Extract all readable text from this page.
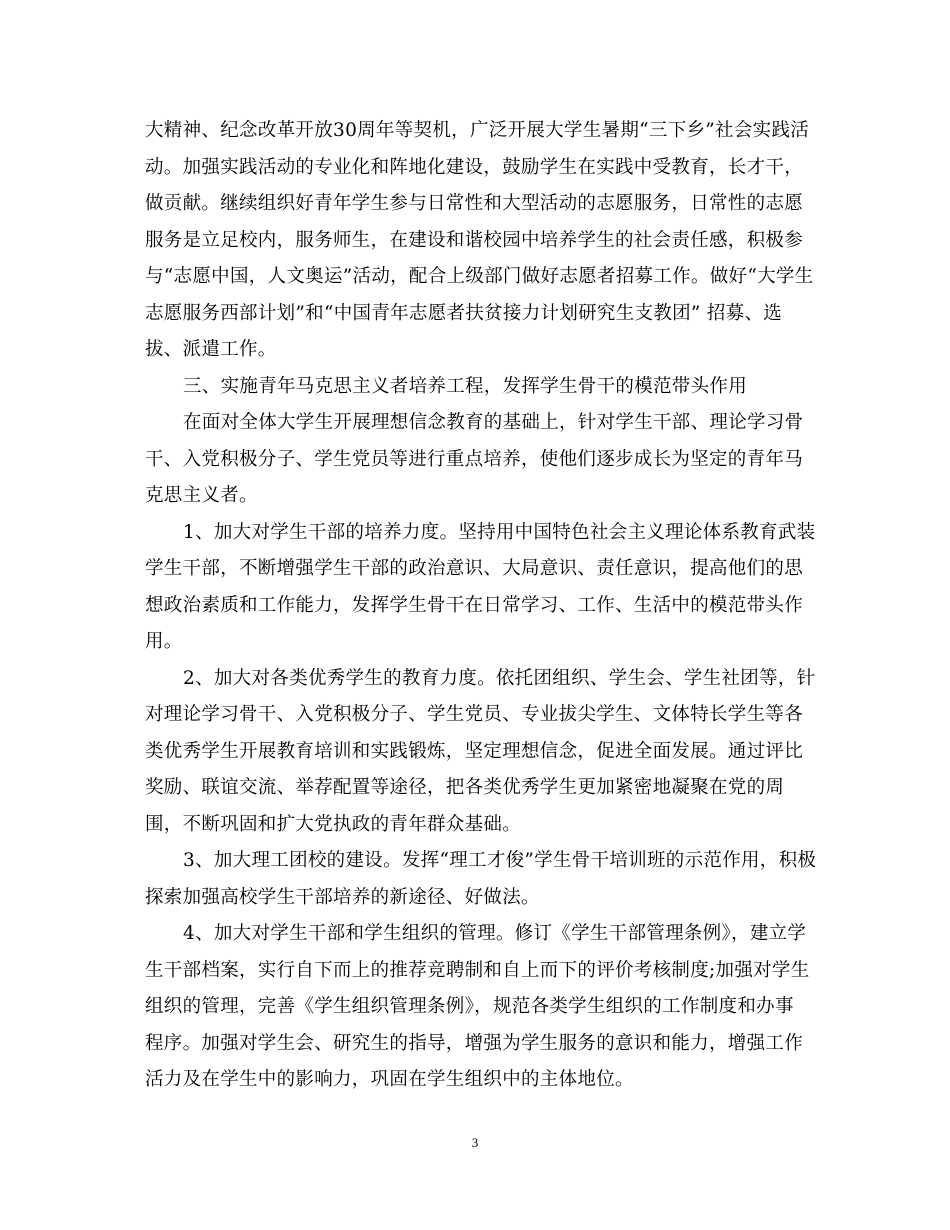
大精神、纪念改革开放30周年等契机，广泛开展大学生暑期“三下乡”社会实践活
动。加强实践活动的专业化和阵地化建设，鼓励学生在实践中受教育，长才干，
做贡献。继续组织好青年学生参与日常性和大型活动的志愿服务，日常性的志愿
服务是立足校内，服务师生，在建设和谐校园中培养学生的社会责任感，积极参
与“志愿中国，人文奥运”活动，配合上级部门做好志愿者招募工作。做好“大学生
志愿服务西部计划”和“中国青年志愿者扶贫接力计划研究生支教团” 招募、选
拔、派遣工作。
三、实施青年马克思主义者培养工程，发挥学生骨干的模范带头作用
在面对全体大学生开展理想信念教育的基础上，针对学生干部、理论学习骨
干、入党积极分子、学生党员等进行重点培养，使他们逐步成长为坚定的青年马
克思主义者。
1、加大对学生干部的培养力度。坚持用中国特色社会主义理论体系教育武装
学生干部，不断增强学生干部的政治意识、大局意识、责任意识，提高他们的思
想政治素质和工作能力，发挥学生骨干在日常学习、工作、生活中的模范带头作
用。
2、加大对各类优秀学生的教育力度。依托团组织、学生会、学生社团等，针
对理论学习骨干、入党积极分子、学生党员、专业拔尖学生、文体特长学生等各
类优秀学生开展教育培训和实践锻炼，坚定理想信念，促进全面发展。通过评比
奖励、联谊交流、举荐配置等途径，把各类优秀学生更加紧密地凝聚在党的周
围，不断巩固和扩大党执政的青年群众基础。
3、加大理工团校的建设。发挥“理工才俊”学生骨干培训班的示范作用，积极
探索加强高校学生干部培养的新途径、好做法。
4、加大对学生干部和学生组织的管理。修订《学生干部管理条例》，建立学
生干部档案，实行自下而上的推荐竞聘制和自上而下的评价考核制度;加强对学生
组织的管理，完善《学生组织管理条例》，规范各类学生组织的工作制度和办事
程序。加强对学生会、研究生的指导，增强为学生服务的意识和能力，增强工作
活力及在学生中的影响力，巩固在学生组织中的主体地位。
3
